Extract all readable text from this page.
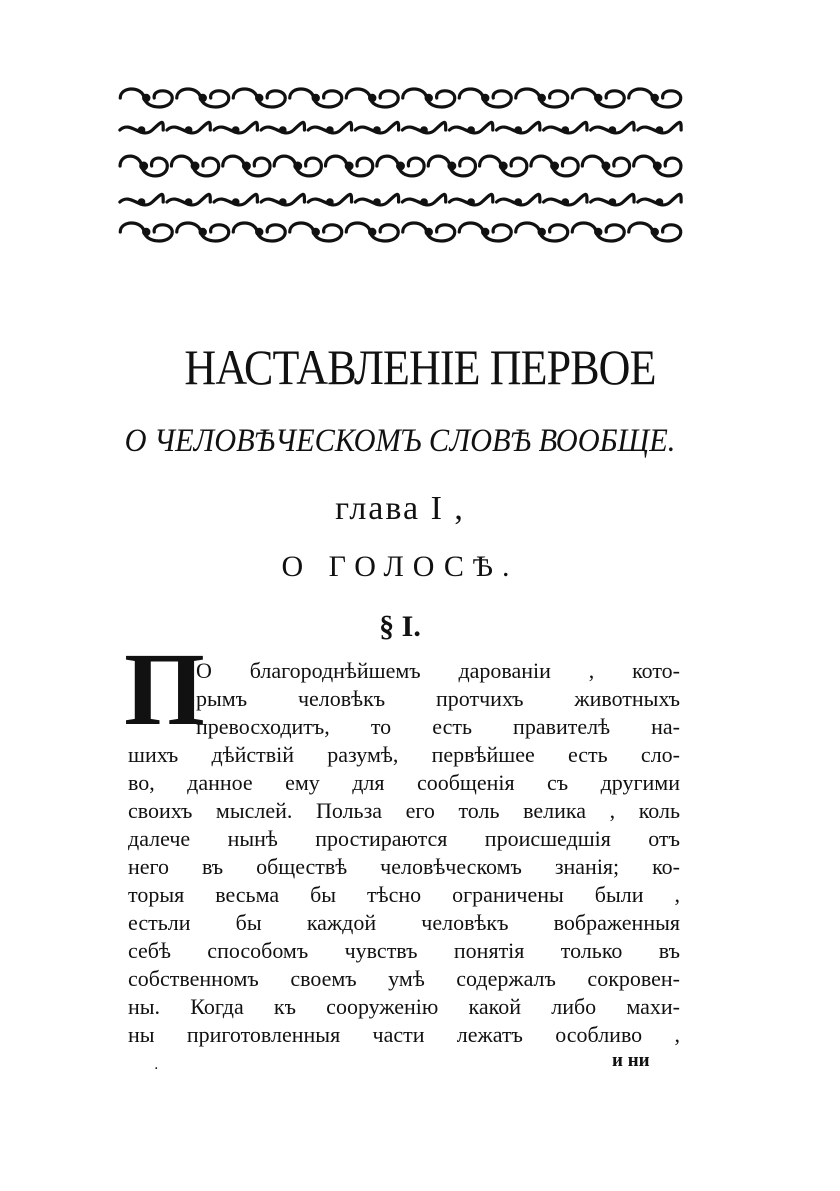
НАСТАВЛЕНІЕ ПЕРВОЕ
О ЧЕЛОВѢЧЕСКОМЪ СЛОВѢ ВООБЩЕ.
глава I ,
О ГОЛОСѢ.
§ I.
П
О благороднѣйшемъ дарованіи , кото-
рымъ человѣкъ протчихъ животныхъ
превосходитъ, то есть правителѣ на-
шихъ дѣйствій разумѣ, первѣйшее есть сло-
во, данное ему для сообщенія съ другими
своихъ мыслей. Польза его толь велика , коль
далече нынѣ простираются происшедшія отъ
него въ обществѣ человѣческомъ знанія; ко-
торыя весьма бы тѣсно ограничены были ,
естьли бы каждой человѣкъ вображенныя
себѣ способомъ чувствъ понятія только въ
собственномъ своемъ умѣ содержалъ сокровен-
ны. Когда къ сооруженію какой либо махи-
ны приготовленныя части лежатъ особливо ,
.	и ни
